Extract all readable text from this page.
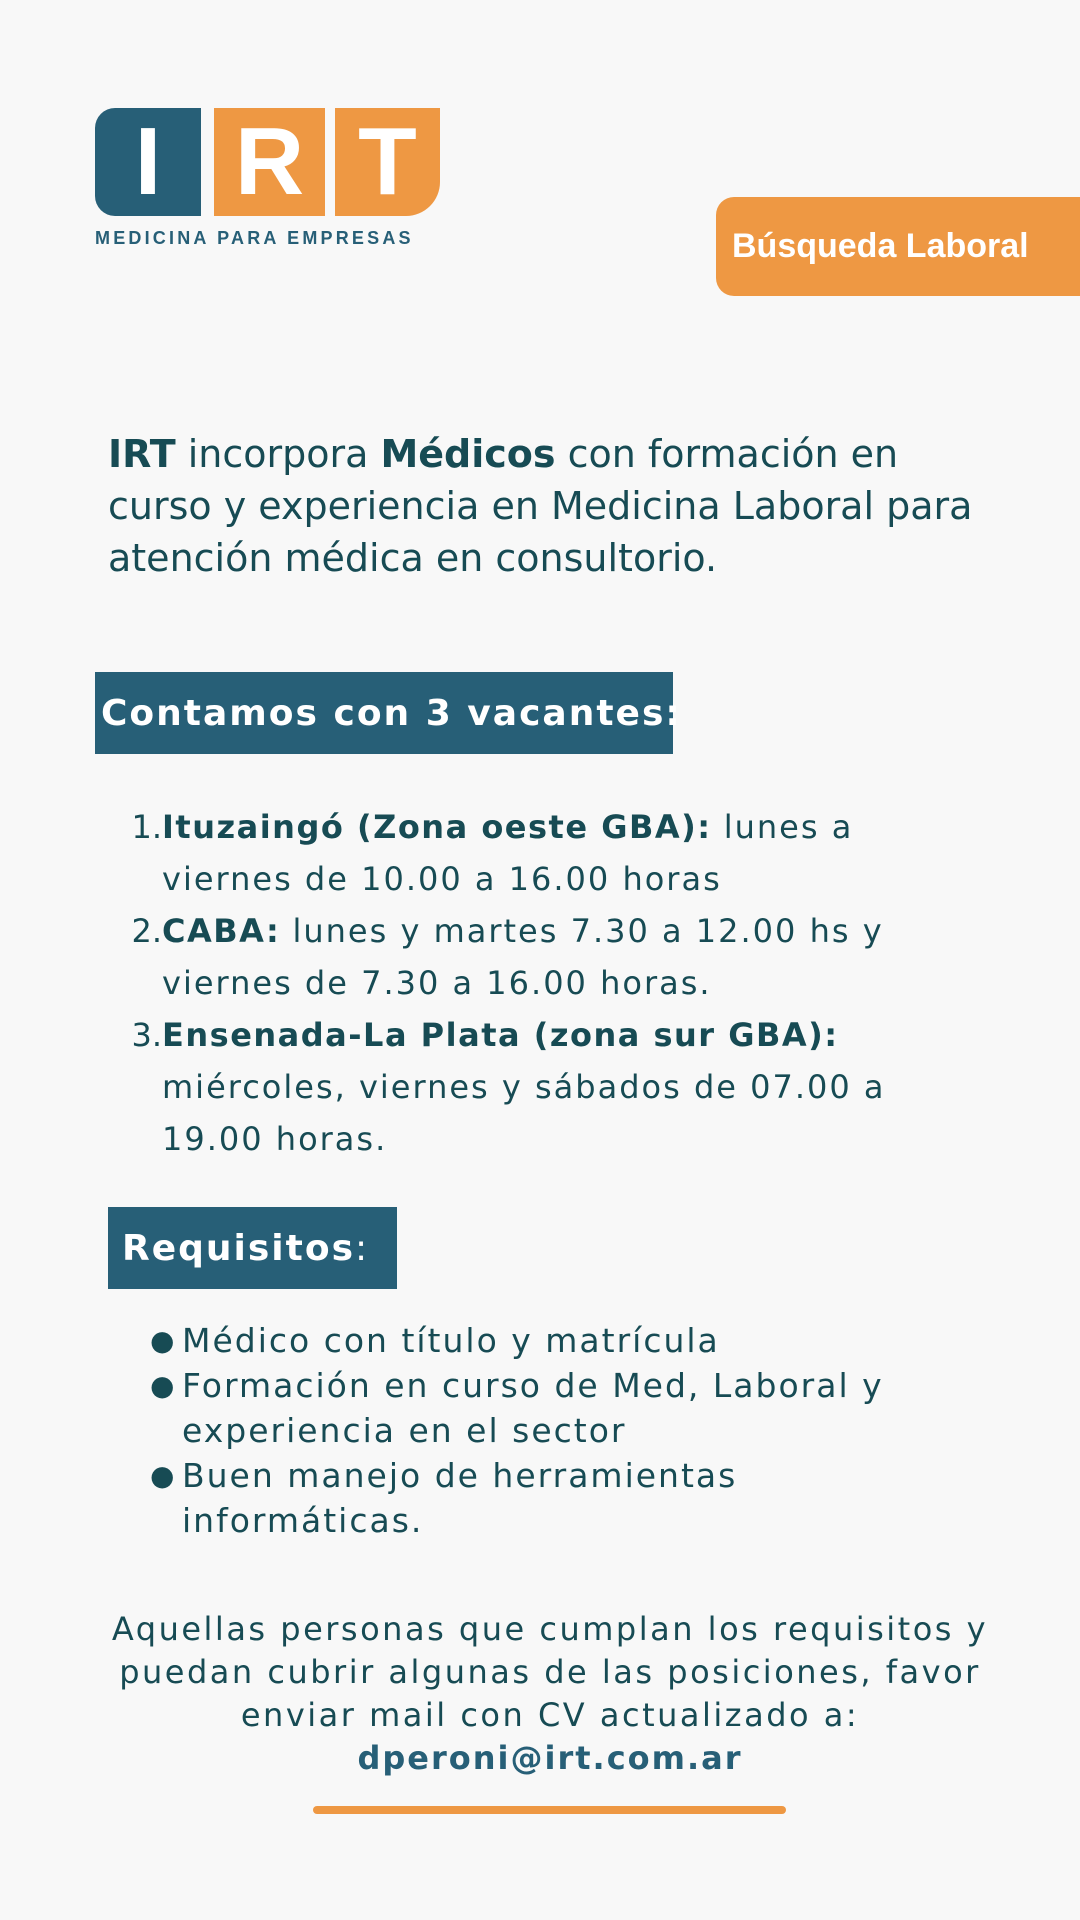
I R T
MEDICINA PARA EMPRESAS	Búsqueda Laboral

IRT incorpora Médicos con formación en curso y experiencia en Medicina Laboral para atención médica en consultorio.

Contamos con 3 vacantes:
1. Ituzaingó (Zona oeste GBA): lunes a viernes de 10.00 a 16.00 horas
2. CABA: lunes y martes 7.30 a 12.00 hs y viernes de 7.30 a 16.00 horas.
3. Ensenada-La Plata (zona sur GBA): miércoles, viernes y sábados de 07.00 a 19.00 horas.
Requisitos :
● Médico con título y matrícula
● Formación en curso de Med, Laboral y experiencia en el sector
● Buen manejo de herramientas informáticas.

Aquellas personas que cumplan los requisitos y puedan cubrir algunas de las posiciones, favor enviar mail con CV actualizado a:
dperoni@irt.com.ar
